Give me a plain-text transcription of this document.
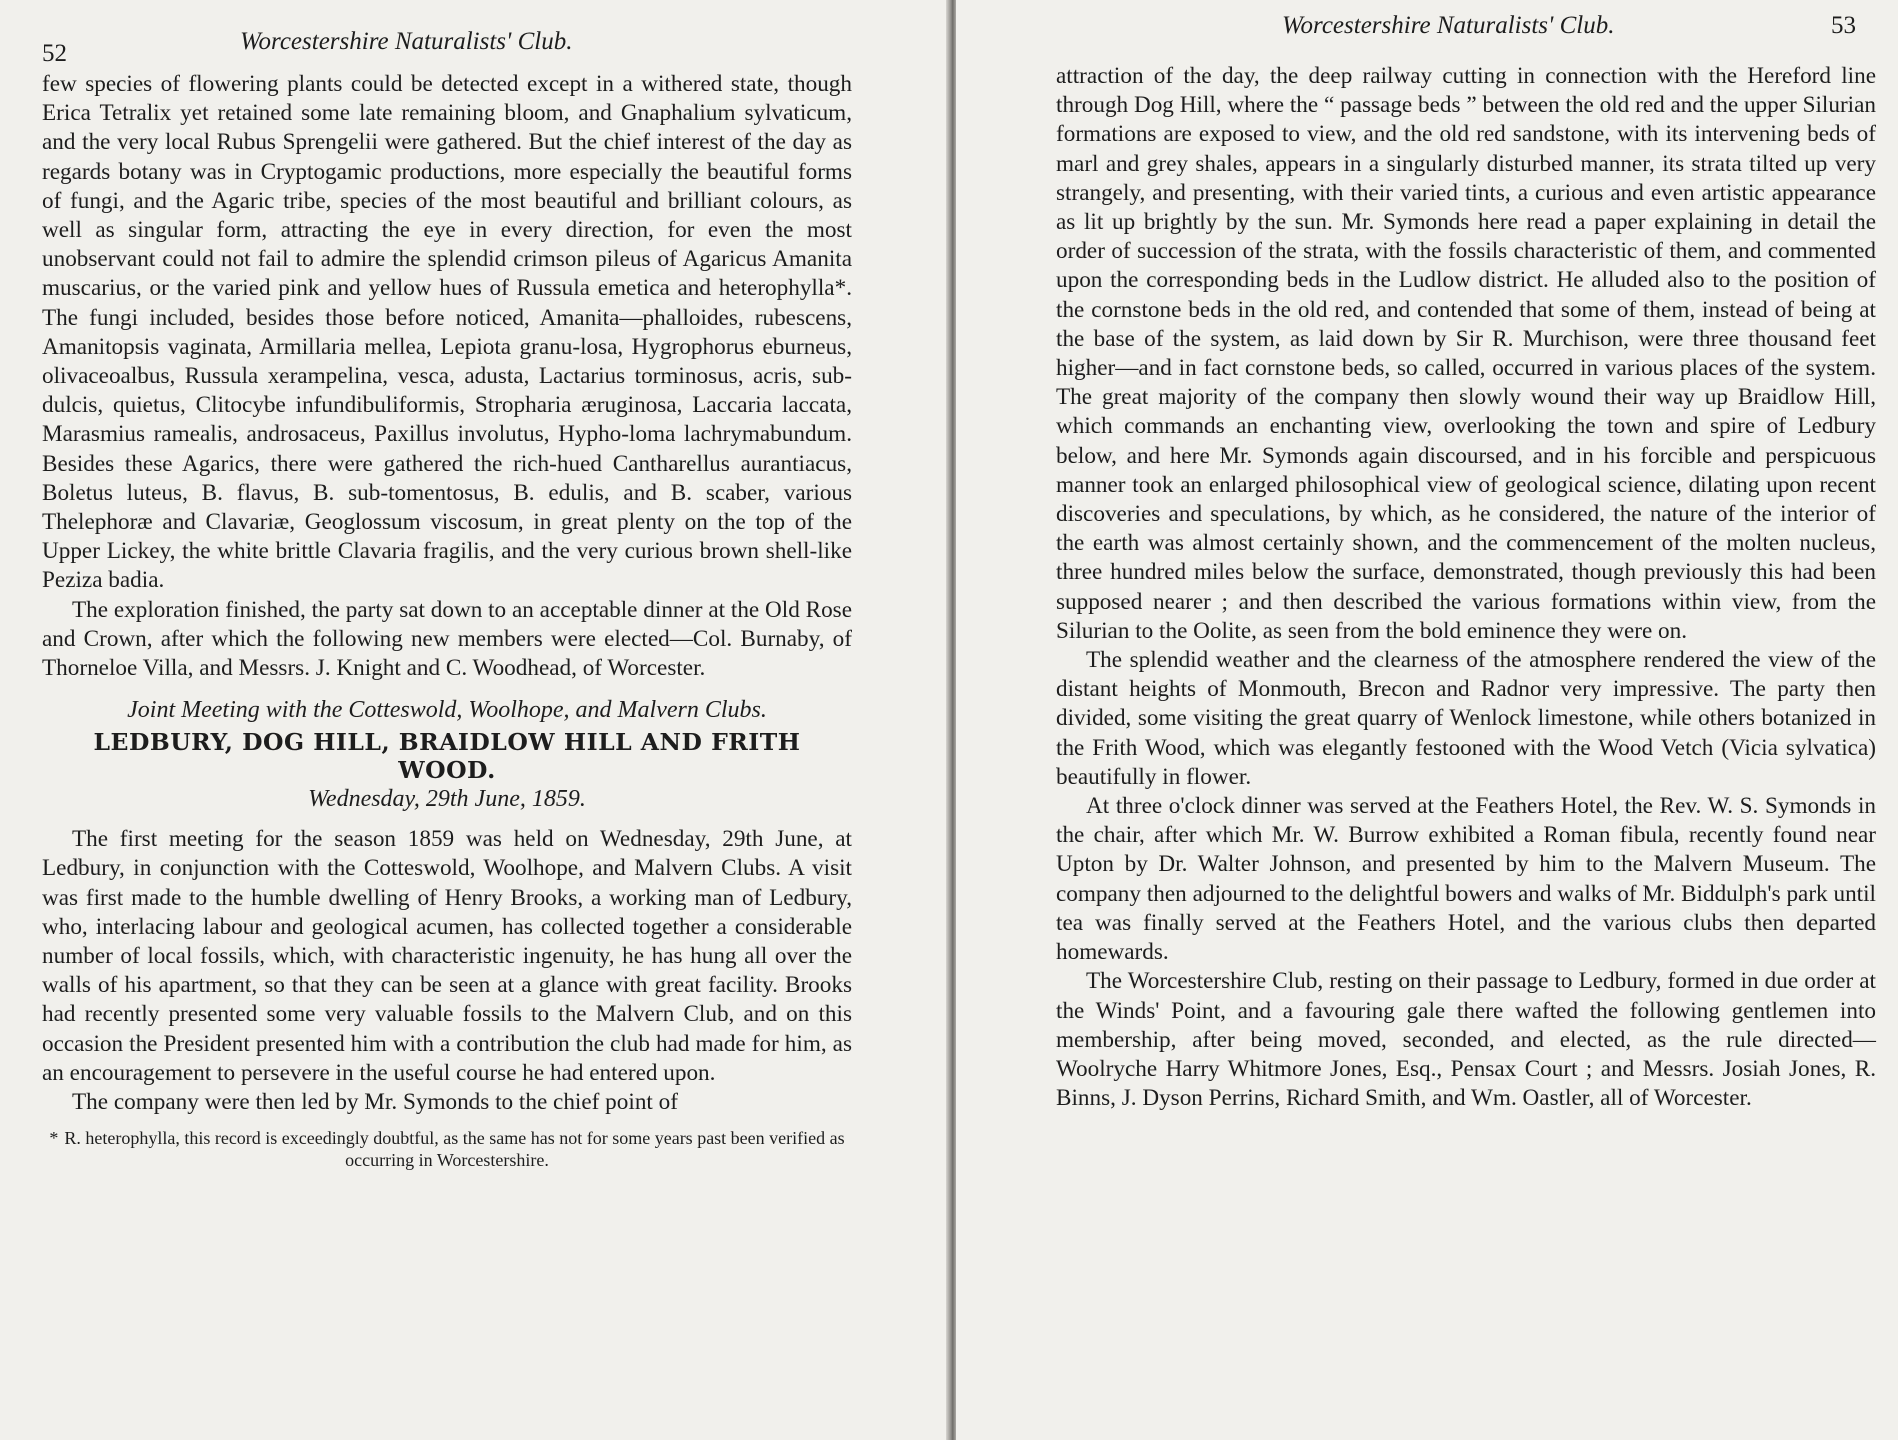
52	Worcestershire Naturalists' Club.

few species of flowering plants could be detected except in a withered state, though Erica Tetralix yet retained some late remaining bloom, and Gnaphalium sylvaticum, and the very local Rubus Sprengelii were gathered. But the chief interest of the day as regards botany was in Cryptogamic productions, more especially the beautiful forms of fungi, and the Agaric tribe, species of the most beautiful and brilliant colours, as well as singular form, attracting the eye in every direction, for even the most unobservant could not fail to admire the splendid crimson pileus of Agaricus Amanita muscarius, or the varied pink and yellow hues of Russula emetica and heterophylla*. The fungi included, besides those before noticed, Amanita—phalloides, rubescens, Amanitopsis vaginata, Armillaria mellea, Lepiota granu-losa, Hygrophorus eburneus, olivaceoalbus, Russula xerampelina, vesca, adusta, Lactarius torminosus, acris, sub-dulcis, quietus, Clitocybe infundibuliformis, Stropharia æruginosa, Laccaria laccata, Marasmius ramealis, androsaceus, Paxillus involutus, Hypho-loma lachrymabundum. Besides these Agarics, there were gathered the rich-hued Cantharellus aurantiacus, Boletus luteus, B. flavus, B. sub-tomentosus, B. edulis, and B. scaber, various Thelephoræ and Clavariæ, Geoglossum viscosum, in great plenty on the top of the Upper Lickey, the white brittle Clavaria fragilis, and the very curious brown shell-like Peziza badia.

The exploration finished, the party sat down to an acceptable dinner at the Old Rose and Crown, after which the following new members were elected—Col. Burnaby, of Thorneloe Villa, and Messrs. J. Knight and C. Woodhead, of Worcester.

Joint Meeting with the Cotteswold, Woolhope, and Malvern Clubs.
LEDBURY, DOG HILL, BRAIDLOW HILL AND FRITH WOOD.
Wednesday, 29th June, 1859.

The first meeting for the season 1859 was held on Wednesday, 29th June, at Ledbury, in conjunction with the Cotteswold, Woolhope, and Malvern Clubs. A visit was first made to the humble dwelling of Henry Brooks, a working man of Ledbury, who, interlacing labour and geological acumen, has collected together a considerable number of local fossils, which, with characteristic ingenuity, he has hung all over the walls of his apartment, so that they can be seen at a glance with great facility. Brooks had recently presented some very valuable fossils to the Malvern Club, and on this occasion the President presented him with a contribution the club had made for him, as an encouragement to persevere in the useful course he had entered upon.

The company were then led by Mr. Symonds to the chief point of

* R. heterophylla, this record is exceedingly doubtful, as the same has not for some years past been verified as occurring in Worcestershire.
Worcestershire Naturalists' Club.	53

attraction of the day, the deep railway cutting in connection with the Hereford line through Dog Hill, where the “ passage beds ” between the old red and the upper Silurian formations are exposed to view, and the old red sandstone, with its intervening beds of marl and grey shales, appears in a singularly disturbed manner, its strata tilted up very strangely, and presenting, with their varied tints, a curious and even artistic appearance as lit up brightly by the sun. Mr. Symonds here read a paper explaining in detail the order of succession of the strata, with the fossils characteristic of them, and commented upon the corresponding beds in the Ludlow district. He alluded also to the position of the cornstone beds in the old red, and contended that some of them, instead of being at the base of the system, as laid down by Sir R. Murchison, were three thousand feet higher—and in fact cornstone beds, so called, occurred in various places of the system. The great majority of the company then slowly wound their way up Braidlow Hill, which commands an enchanting view, overlooking the town and spire of Ledbury below, and here Mr. Symonds again discoursed, and in his forcible and perspicuous manner took an enlarged philosophical view of geological science, dilating upon recent discoveries and speculations, by which, as he considered, the nature of the interior of the earth was almost certainly shown, and the commencement of the molten nucleus, three hundred miles below the surface, demonstrated, though previously this had been supposed nearer ; and then described the various formations within view, from the Silurian to the Oolite, as seen from the bold eminence they were on.

The splendid weather and the clearness of the atmosphere rendered the view of the distant heights of Monmouth, Brecon and Radnor very impressive. The party then divided, some visiting the great quarry of Wenlock limestone, while others botanized in the Frith Wood, which was elegantly festooned with the Wood Vetch (Vicia sylvatica) beautifully in flower.

At three o'clock dinner was served at the Feathers Hotel, the Rev. W. S. Symonds in the chair, after which Mr. W. Burrow exhibited a Roman fibula, recently found near Upton by Dr. Walter Johnson, and presented by him to the Malvern Museum. The company then adjourned to the delightful bowers and walks of Mr. Biddulph's park until tea was finally served at the Feathers Hotel, and the various clubs then departed homewards.

The Worcestershire Club, resting on their passage to Ledbury, formed in due order at the Winds' Point, and a favouring gale there wafted the following gentlemen into membership, after being moved, seconded, and elected, as the rule directed—Woolryche Harry Whitmore Jones, Esq., Pensax Court ; and Messrs. Josiah Jones, R. Binns, J. Dyson Perrins, Richard Smith, and Wm. Oastler, all of Worcester.
